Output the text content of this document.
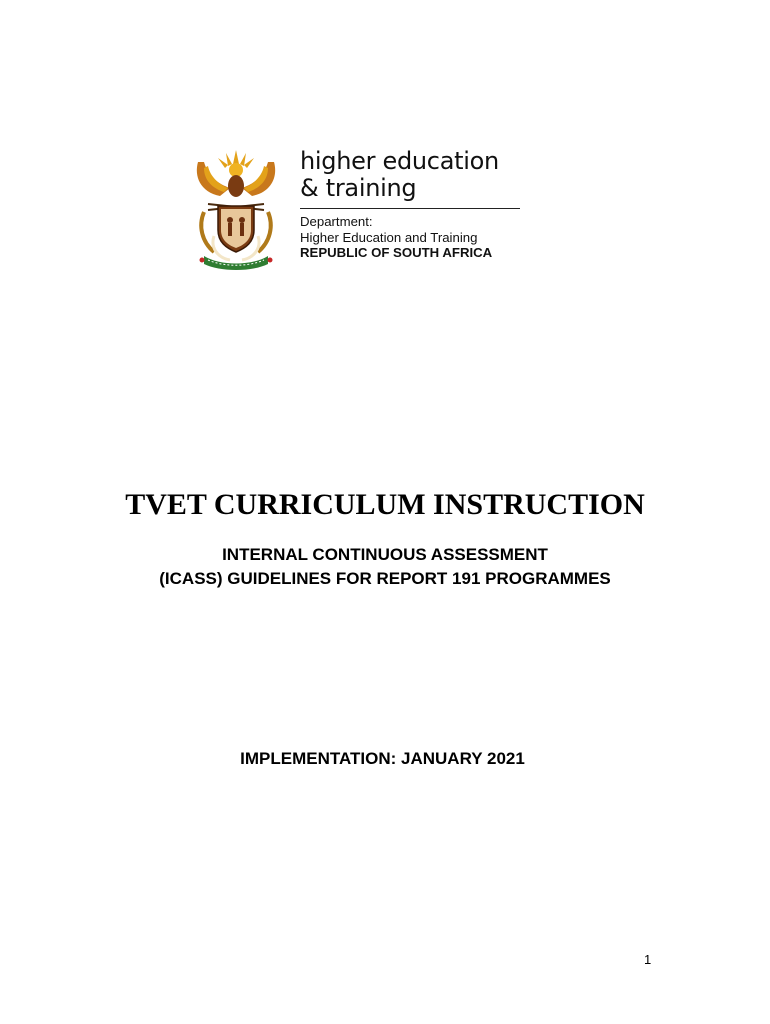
higher education
& training
Department:
Higher Education and Training
REPUBLIC OF SOUTH AFRICA
TVET CURRICULUM INSTRUCTION
INTERNAL CONTINUOUS ASSESSMENT
(ICASS) GUIDELINES FOR REPORT 191 PROGRAMMES
IMPLEMENTATION: JANUARY 2021
1
